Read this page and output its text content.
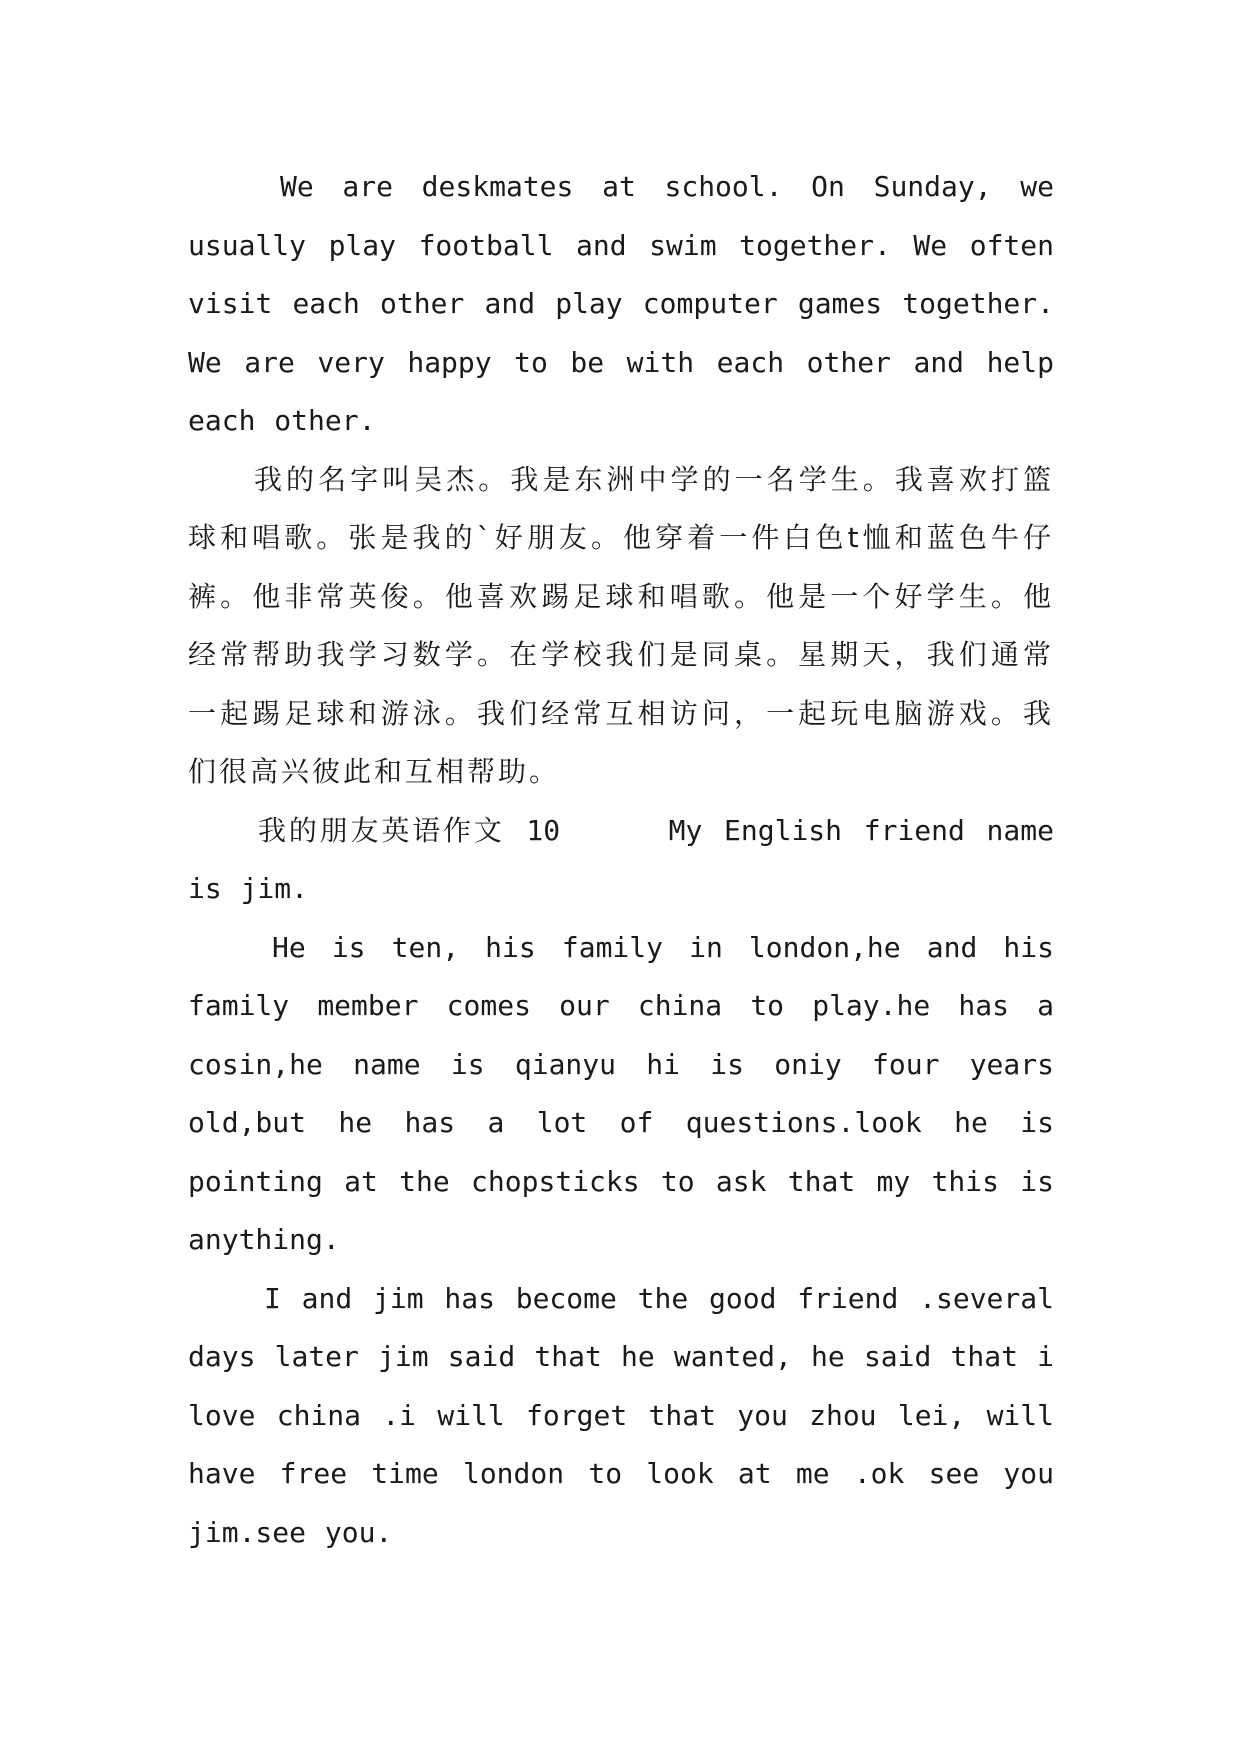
We are deskmates at school. On Sunday, we usually play football and swim together. We often visit each other and play computer games together. We are very happy to be with each other and help each other.

我的名字叫吴杰。我是东洲中学的一名学生。我喜欢打篮球和唱歌。张是我的`好朋友。他穿着一件白色t恤和蓝色牛仔裤。他非常英俊。他喜欢踢足球和唱歌。他是一个好学生。他经常帮助我学习数学。在学校我们是同桌。星期天，我们通常一起踢足球和游泳。我们经常互相访问，一起玩电脑游戏。我们很高兴彼此和互相帮助。

我的朋友英语作文 10     My English friend name is jim.

He is ten, his family in london,he and his family member comes our china to play.he has a cosin,he name is qianyu hi is oniy four years old,but he has a lot of questions.look he is pointing at the chopsticks to ask that my this is anything.

I and jim has become the good friend .several days later jim said that he wanted, he said that i love china .i will forget that you zhou lei, will have free time london to look at me .ok see you jim.see you.
